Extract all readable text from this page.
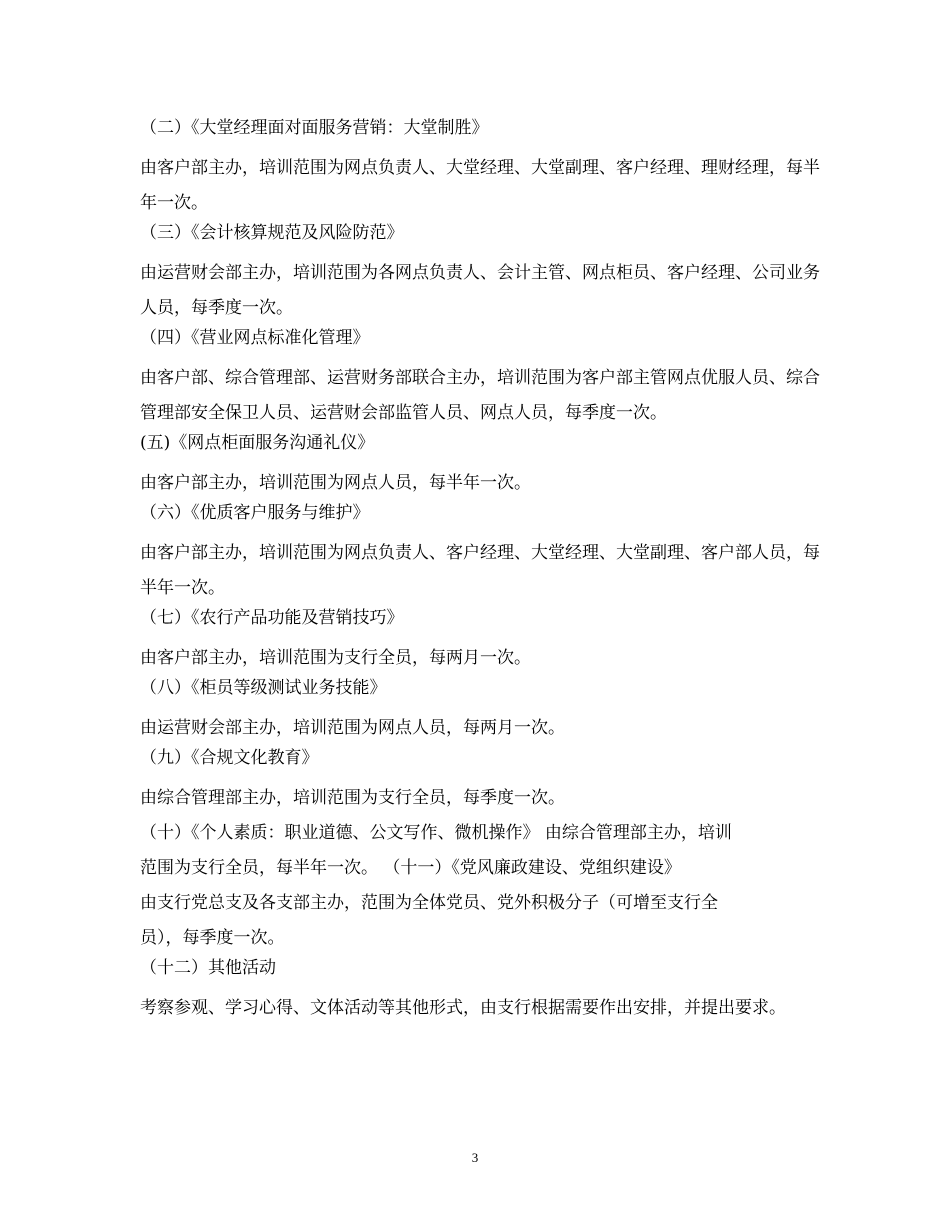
（二）《大堂经理面对面服务营销：大堂制胜》
由客户部主办，培训范围为网点负责人、大堂经理、大堂副理、客户经理、理财经理，每半年一次。
（三）《会计核算规范及风险防范》
由运营财会部主办，培训范围为各网点负责人、会计主管、网点柜员、客户经理、公司业务人员，每季度一次。
（四）《营业网点标准化管理》
由客户部、综合管理部、运营财务部联合主办，培训范围为客户部主管网点优服人员、综合管理部安全保卫人员、运营财会部监管人员、网点人员，每季度一次。
(五)《网点柜面服务沟通礼仪》
由客户部主办，培训范围为网点人员，每半年一次。
（六）《优质客户服务与维护》
由客户部主办，培训范围为网点负责人、客户经理、大堂经理、大堂副理、客户部人员，每半年一次。
（七）《农行产品功能及营销技巧》
由客户部主办，培训范围为支行全员，每两月一次。
（八）《柜员等级测试业务技能》
由运营财会部主办，培训范围为网点人员，每两月一次。
（九）《合规文化教育》
由综合管理部主办，培训范围为支行全员，每季度一次。
（十）《个人素质：职业道德、公文写作、微机操作》 由综合管理部主办，培训
范围为支行全员，每半年一次。 （十一）《党风廉政建设、党组织建设》
由支行党总支及各支部主办，范围为全体党员、党外积极分子（可增至支行全
员），每季度一次。
（十二）其他活动
考察参观、学习心得、文体活动等其他形式，由支行根据需要作出安排，并提出要求。
3
